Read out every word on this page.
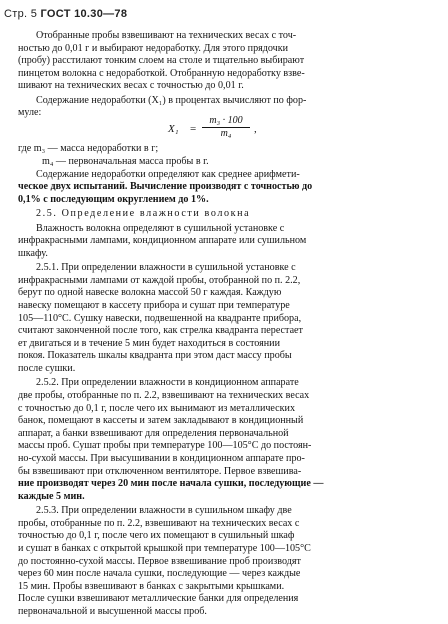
Стр. 5 ГОСТ 10.30—78
Отобранные пробы взвешивают на технических весах с точ-
ностью до 0,01 г и выбирают недоработку. Для этого прядочки
(пробу) расстилают тонким слоем на столе и тщательно выбирают
пинцетом волокна с недоработкой. Отобранную недоработку взве-
шивают на технических весах с точностью до 0,01 г.
Содержание недоработки (X₁) в процентах вычисляют по фор-
муле:
$X_1 = \frac{\text{m₃ · 100}}{\text{m₄}}$ ,
где m₃ — масса недоработки в г;
m₄ — первоначальная масса пробы в г.
Содержание недоработки определяют как среднее арифмети-
ческое двух испытаний. Вычисление производят с точностью до
0,1% с последующим округлением до 1%.
2.5. Определение влажности волокна
Влажность волокна определяют в сушильной установке с
инфракрасными лампами, кондиционном аппарате или сушильном
шкафу.
2.5.1. При определении влажности в сушильной установке с
инфракрасными лампами от каждой пробы, отобранной по п. 2.2,
берут по одной навеске волокна массой 50 г каждая. Каждую
навеску помещают в кассету прибора и сушат при температуре
105—110°С. Сушку навески, подвешенной на квадранте прибора,
считают законченной после того, как стрелка квадранта перестает
ет двигаться и в течение 5 мин будет находиться в состоянии
покоя. Показатель шкалы квадранта при этом даст массу пробы
после сушки.
2.5.2. При определении влажности в кондиционном аппарате
две пробы, отобранные по п. 2.2, взвешивают на технических весах
с точностью до 0,1 г, после чего их вынимают из металлических
банок, помещают в кассеты и затем закладывают в кондиционный
аппарат, а банки взвешивают для определения первоначальной
массы проб. Сушат пробы при температуре 100—105°С до постоян-
но-сухой массы. При высушивании в кондиционном аппарате про-
бы взвешивают при отключенном вентиляторе. Первое взвешива-
ние производят через 20 мин после начала сушки, последующие —
каждые 5 мин.
2.5.3. При определении влажности в сушильном шкафу две
пробы, отобранные по п. 2.2, взвешивают на технических весах с
точностью до 0,1 г, после чего их помещают в сушильный шкаф
и сушат в банках с открытой крышкой при температуре 100—105°С
до постоянно-сухой массы. Первое взвешивание проб производят
через 60 мин после начала сушки, последующие — через каждые
15 мин. Пробы взвешивают в банках с закрытыми крышками.
После сушки взвешивают металлические банки для определения
первоначальной и высушенной массы проб.
